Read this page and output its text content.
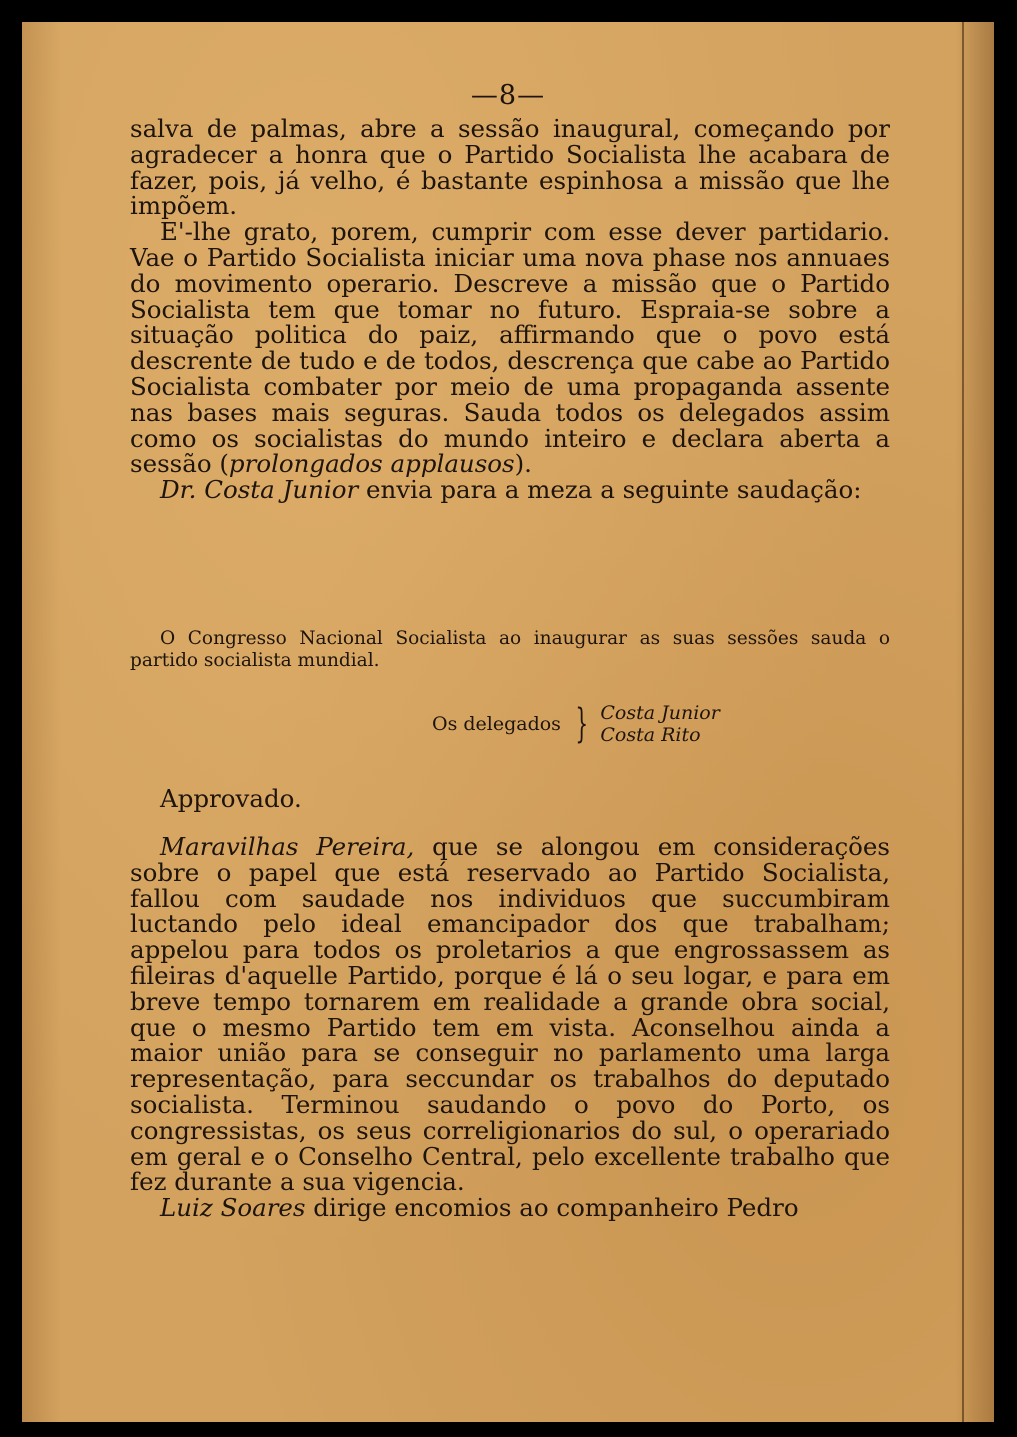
—8—

salva de palmas, abre a sessão inaugural, começando por agradecer a honra que o Partido Socialista lhe acabara de fazer, pois, já velho, é bastante espinhosa a missão que lhe impõem.

E'-lhe grato, porem, cumprir com esse dever partidario. Vae o Partido Socialista iniciar uma nova phase nos annuaes do movimento operario. Descreve a missão que o Partido Socialista tem que tomar no futuro. Espraia-se sobre a situação politica do paiz, affirmando que o povo está descrente de tudo e de todos, descrença que cabe ao Partido Socialista combater por meio de uma propaganda assente nas bases mais seguras. Sauda todos os delegados assim como os socialistas do mundo inteiro e declara aberta a sessão (prolongados applausos).

Dr. Costa Junior envia para a meza a seguinte saudação:

O Congresso Nacional Socialista ao inaugurar as suas sessões sauda o partido socialista mundial.

Os delegados } Costa Junior
Costa Rito
Approvado.

Maravilhas Pereira, que se alongou em considerações sobre o papel que está reservado ao Partido Socialista, fallou com saudade nos individuos que succumbiram luctando pelo ideal emancipador dos que trabalham; appelou para todos os proletarios a que engrossassem as fileiras d'aquelle Partido, porque é lá o seu logar, e para em breve tempo tornarem em realidade a grande obra social, que o mesmo Partido tem em vista. Aconselhou ainda a maior união para se conseguir no parlamento uma larga representação, para seccundar os trabalhos do deputado socialista. Terminou saudando o povo do Porto, os congressistas, os seus correligionarios do sul, o operariado em geral e o Conselho Central, pelo excellente trabalho que fez durante a sua vigencia.

Luiz Soares dirige encomios ao companheiro Pedro
